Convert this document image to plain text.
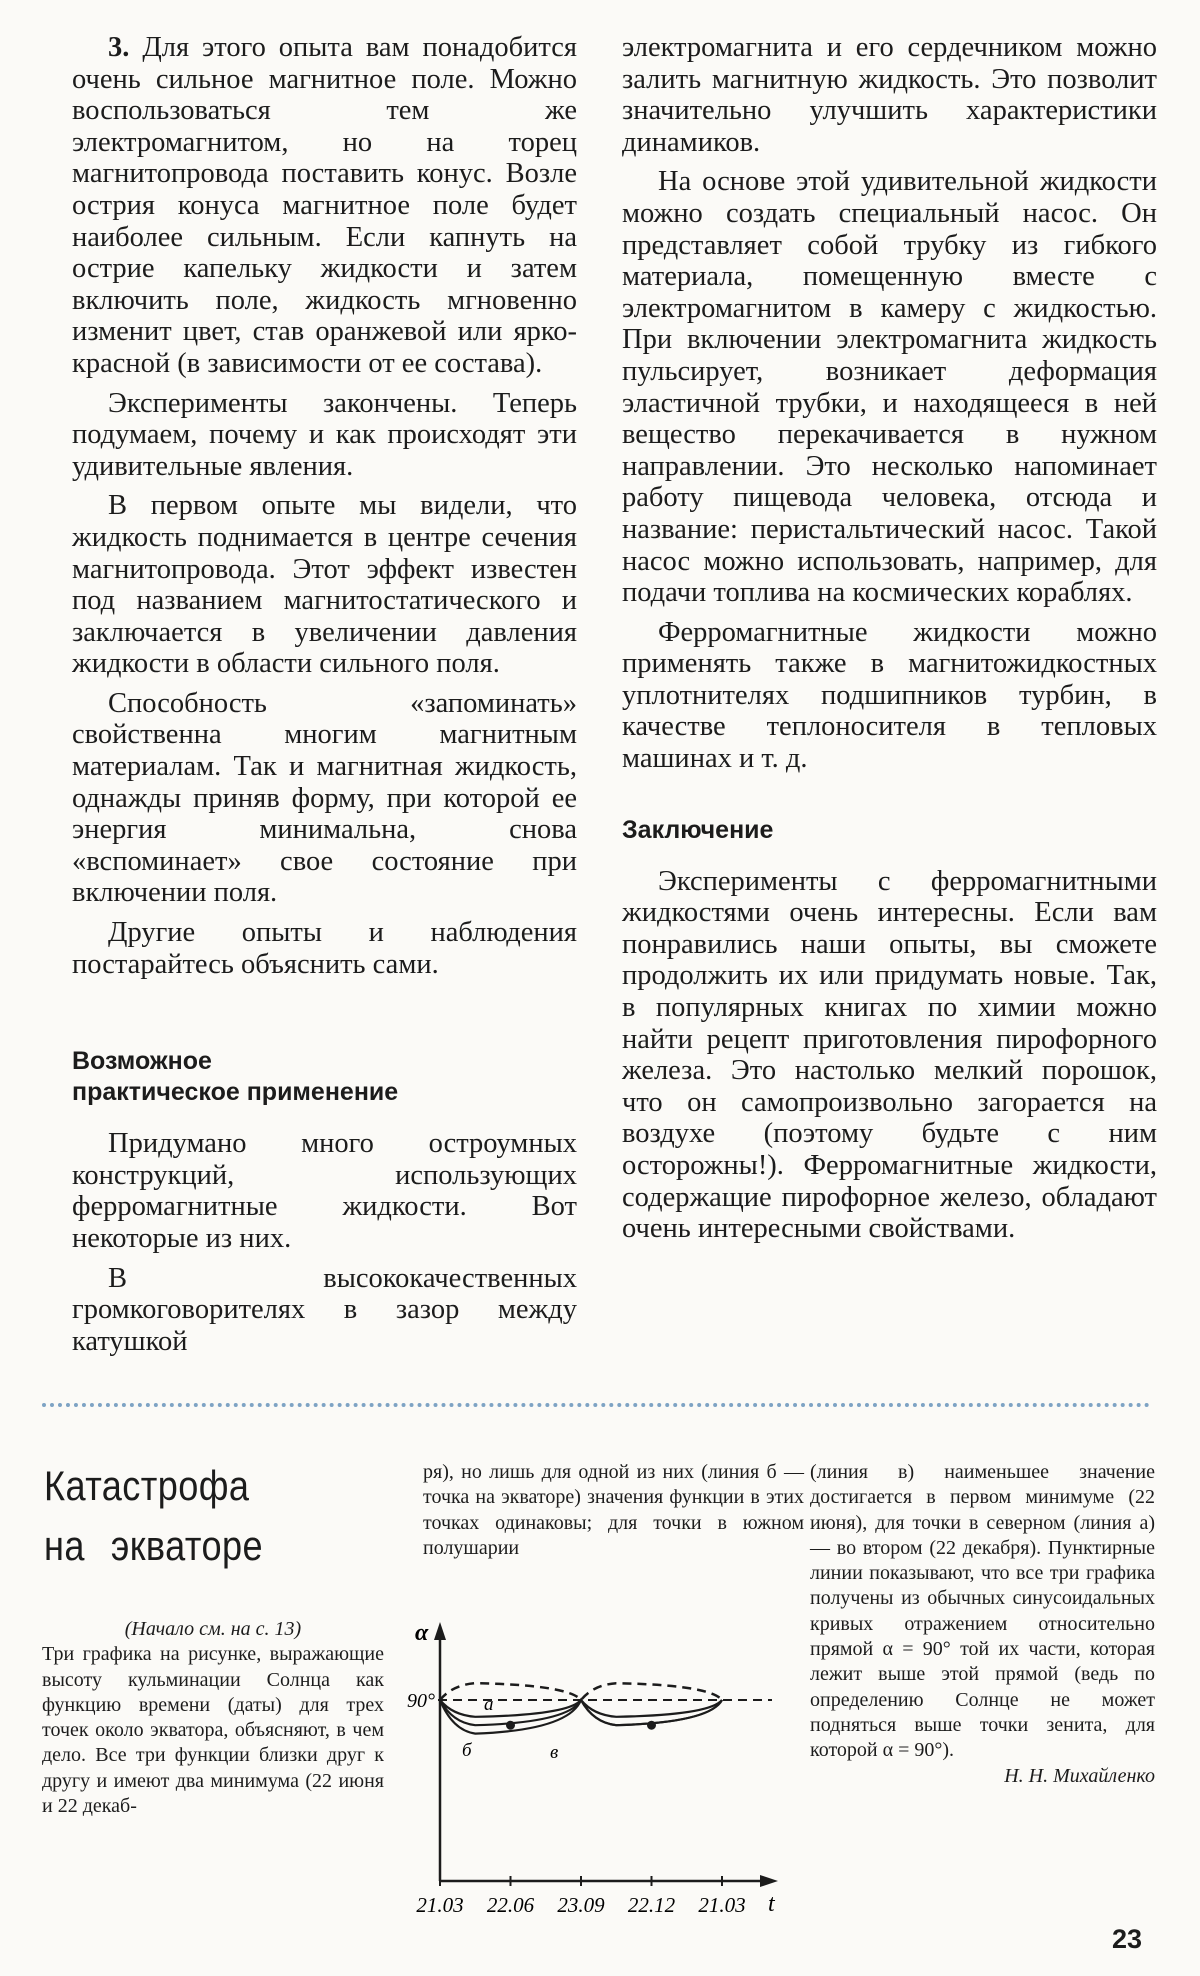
3. Для этого опыта вам понадобится очень сильное магнитное поле. Можно воспользоваться тем же электромагнитом, но на торец магнитопровода поставить конус. Возле острия конуса магнитное поле будет наиболее сильным. Если капнуть на острие капельку жидкости и затем включить поле, жидкость мгновенно изменит цвет, став оранжевой или ярко-красной (в зависимости от ее состава).

Эксперименты закончены. Теперь подумаем, почему и как происходят эти удивительные явления.

В первом опыте мы видели, что жидкость поднимается в центре сечения магнитопровода. Этот эффект известен под названием магнитостатического и заключается в увеличении давления жидкости в области сильного поля.

Способность «запоминать» свойственна многим магнитным материалам. Так и магнитная жидкость, однажды приняв форму, при которой ее энергия минимальна, снова «вспоминает» свое состояние при включении поля.

Другие опыты и наблюдения постарайтесь объяснить сами.

Возможное
практическое применение

Придумано много остроумных конструкций, использующих ферромагнитные жидкости. Вот некоторые из них.

В высококачественных громкоговорителях в зазор между катушкой

электромагнита и его сердечником можно залить магнитную жидкость. Это позволит значительно улучшить характеристики динамиков.

На основе этой удивительной жидкости можно создать специальный насос. Он представляет собой трубку из гибкого материала, помещенную вместе с электромагнитом в камеру с жидкостью. При включении электромагнита жидкость пульсирует, возникает деформация эластичной трубки, и находящееся в ней вещество перекачивается в нужном направлении. Это несколько напоминает работу пищевода человека, отсюда и название: перистальтический насос. Такой насос можно использовать, например, для подачи топлива на космических кораблях.

Ферромагнитные жидкости можно применять также в магнитожидкостных уплотнителях подшипников турбин, в качестве теплоносителя в тепловых машинах и т. д.

Заключение

Эксперименты с ферромагнитными жидкостями очень интересны. Если вам понравились наши опыты, вы сможете продолжить их или придумать новые. Так, в популярных книгах по химии можно найти рецепт приготовления пирофорного железа. Это настолько мелкий порошок, что он самопроизвольно загорается на воздухе (поэтому будьте с ним осторожны!). Ферромагнитные жидкости, содержащие пирофорное железо, обладают очень интересными свойствами.

Катастрофа
на экваторе

(Начало см. на с. 13)

Три графика на рисунке, выражающие высоту кульминации Солнца как функцию времени (даты) для трех точек около экватора, объясняют, в чем дело. Все три функции близки друг к другу и имеют два минимума (22 июня и 22 декаб-

ря), но лишь для одной из них (линия б — точка на экваторе) значения функции в этих точках одинаковы; для точки в южном полушарии

(линия в) наименьшее значение достигается в первом минимуме (22 июня), для точки в северном (линия а) — во втором (22 декабря). Пунктирные линии показывают, что все три графика получены из обычных синусоидальных кривых отражением относительно прямой α = 90° той их части, которая лежит выше этой прямой (ведь по определению Солнце не может подняться выше точки зенита, для которой α = 90°).

Н. Н. Михайленко

α
90°
t
21.03 22.06 23.09 22.12 21.03
а
б	в
23
